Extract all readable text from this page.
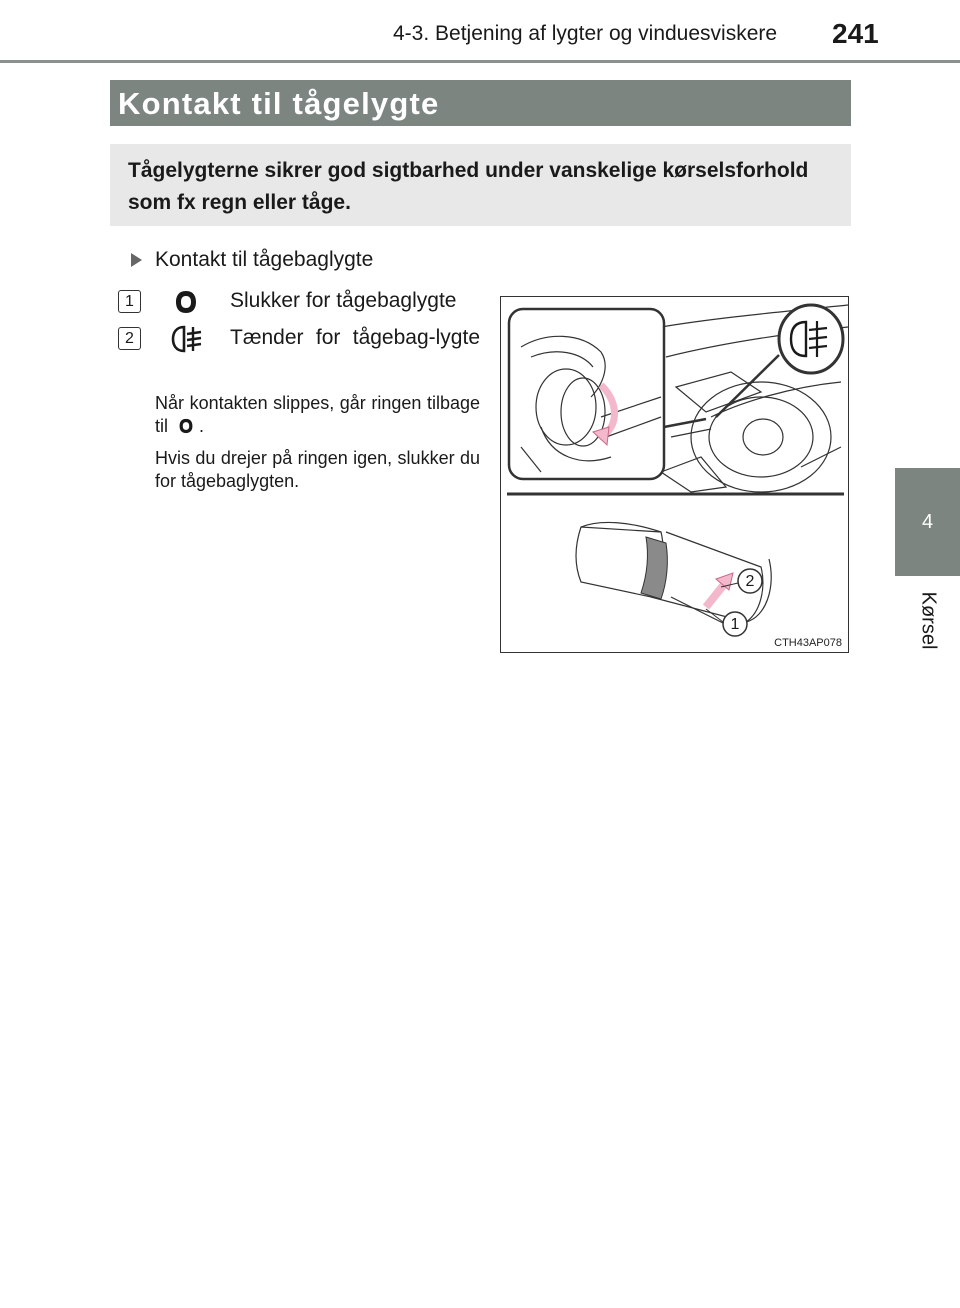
4-3. Betjening af lygter og vinduesviskere 241
4
Kørsel
Kontakt til tågelygte

Tågelygterne sikrer god sigtbarhed under vanskelige kørselsforhold som fx regn eller tåge.

Kontakt til tågebaglygte
1	Slukker for tågebaglygte
2	Tænder for tågebag-lygte
Når kontakten slippes, går ringen tilbage til .
Hvis du drejer på ringen igen, slukker du for tågebaglygten.
2
1
CTH43AP078
